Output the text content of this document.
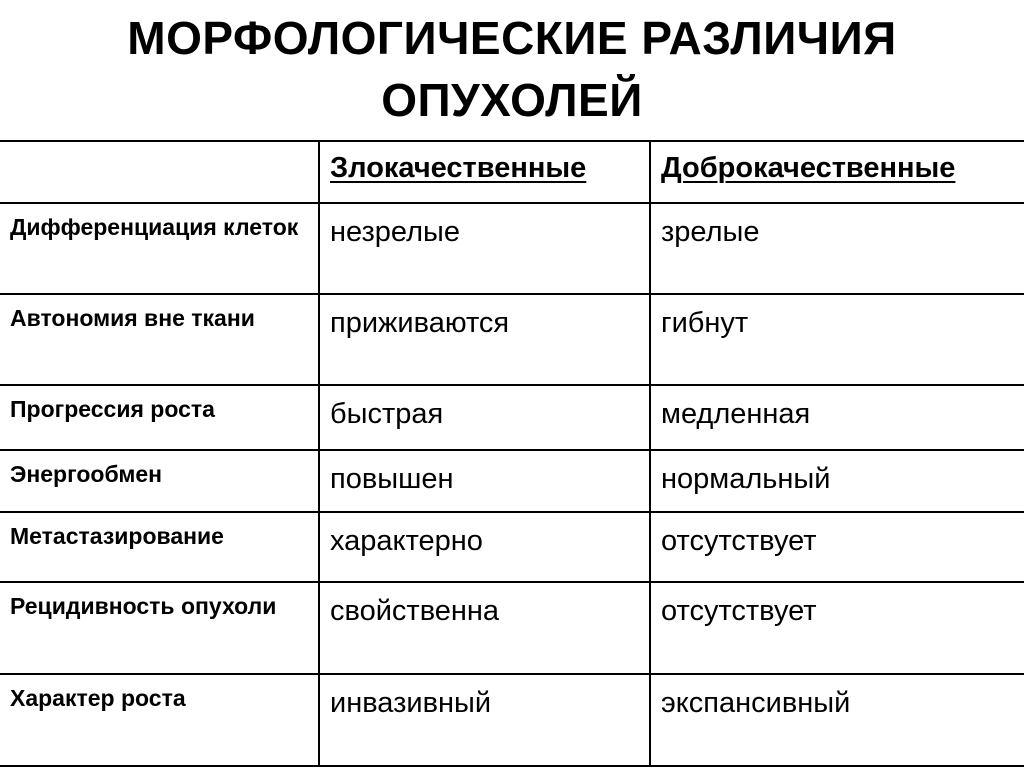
МОРФОЛОГИЧЕСКИЕ РАЗЛИЧИЯ
ОПУХОЛЕЙ
	Злокачественные	Доброкачественные
Дифференциация клеток	незрелые	зрелые
Автономия вне ткани	приживаются	гибнут
Прогрессия роста	быстрая	медленная
Энергообмен	повышен	нормальный
Метастазирование	характерно	отсутствует
Рецидивность опухоли	свойственна	отсутствует
Характер роста	инвазивный	экспансивный
